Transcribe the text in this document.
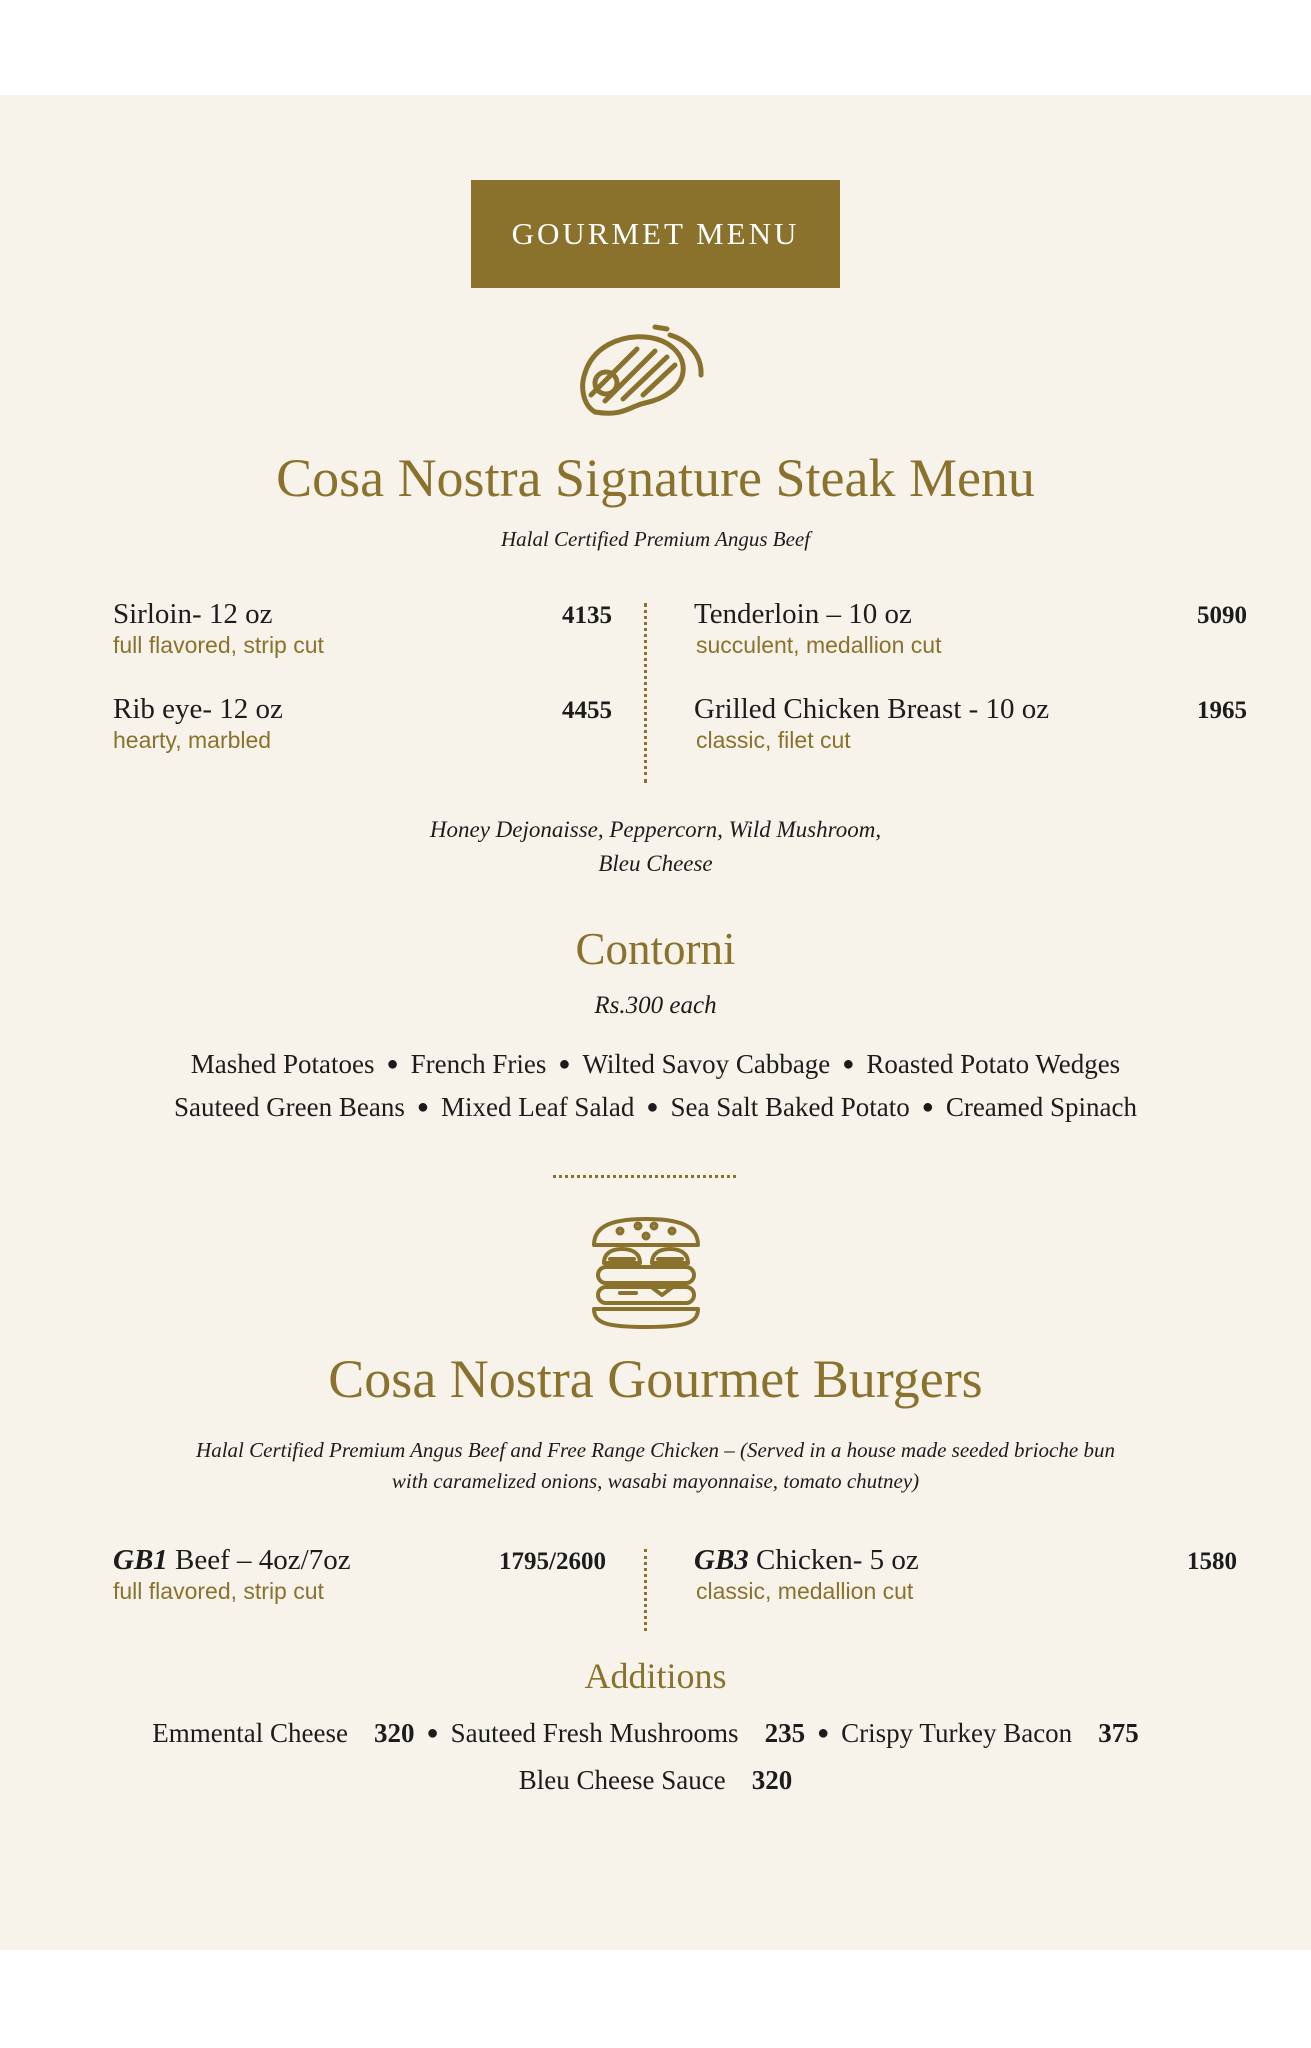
GOURMET MENU
Cosa Nostra Signature Steak Menu
Halal Certified Premium Angus Beef
Sirloin- 12 oz
full flavored, strip cut
4135
Rib eye- 12 oz
hearty, marbled
4455
Tenderloin – 10 oz
succulent, medallion cut
5090
Grilled Chicken Breast - 10 oz
classic, filet cut
1965
Honey Dejonaisse, Peppercorn, Wild Mushroom,
Bleu Cheese
Contorni
Rs.300 each
Mashed Potatoes ● French Fries ● Wilted Savoy Cabbage ● Roasted Potato Wedges
Sauteed Green Beans ● Mixed Leaf Salad ● Sea Salt Baked Potato ● Creamed Spinach
Cosa Nostra Gourmet Burgers
Halal Certified Premium Angus Beef and Free Range Chicken – (Served in a house made seeded brioche bun
with caramelized onions, wasabi mayonnaise, tomato chutney)
GB1 Beef – 4oz/7oz
full flavored, strip cut
1795/2600	GB3 Chicken- 5 oz
classic, medallion cut
1580
Additions
Emmental Cheese 320 ● Sauteed Fresh Mushrooms 235 ● Crispy Turkey Bacon 375
Bleu Cheese Sauce 320
